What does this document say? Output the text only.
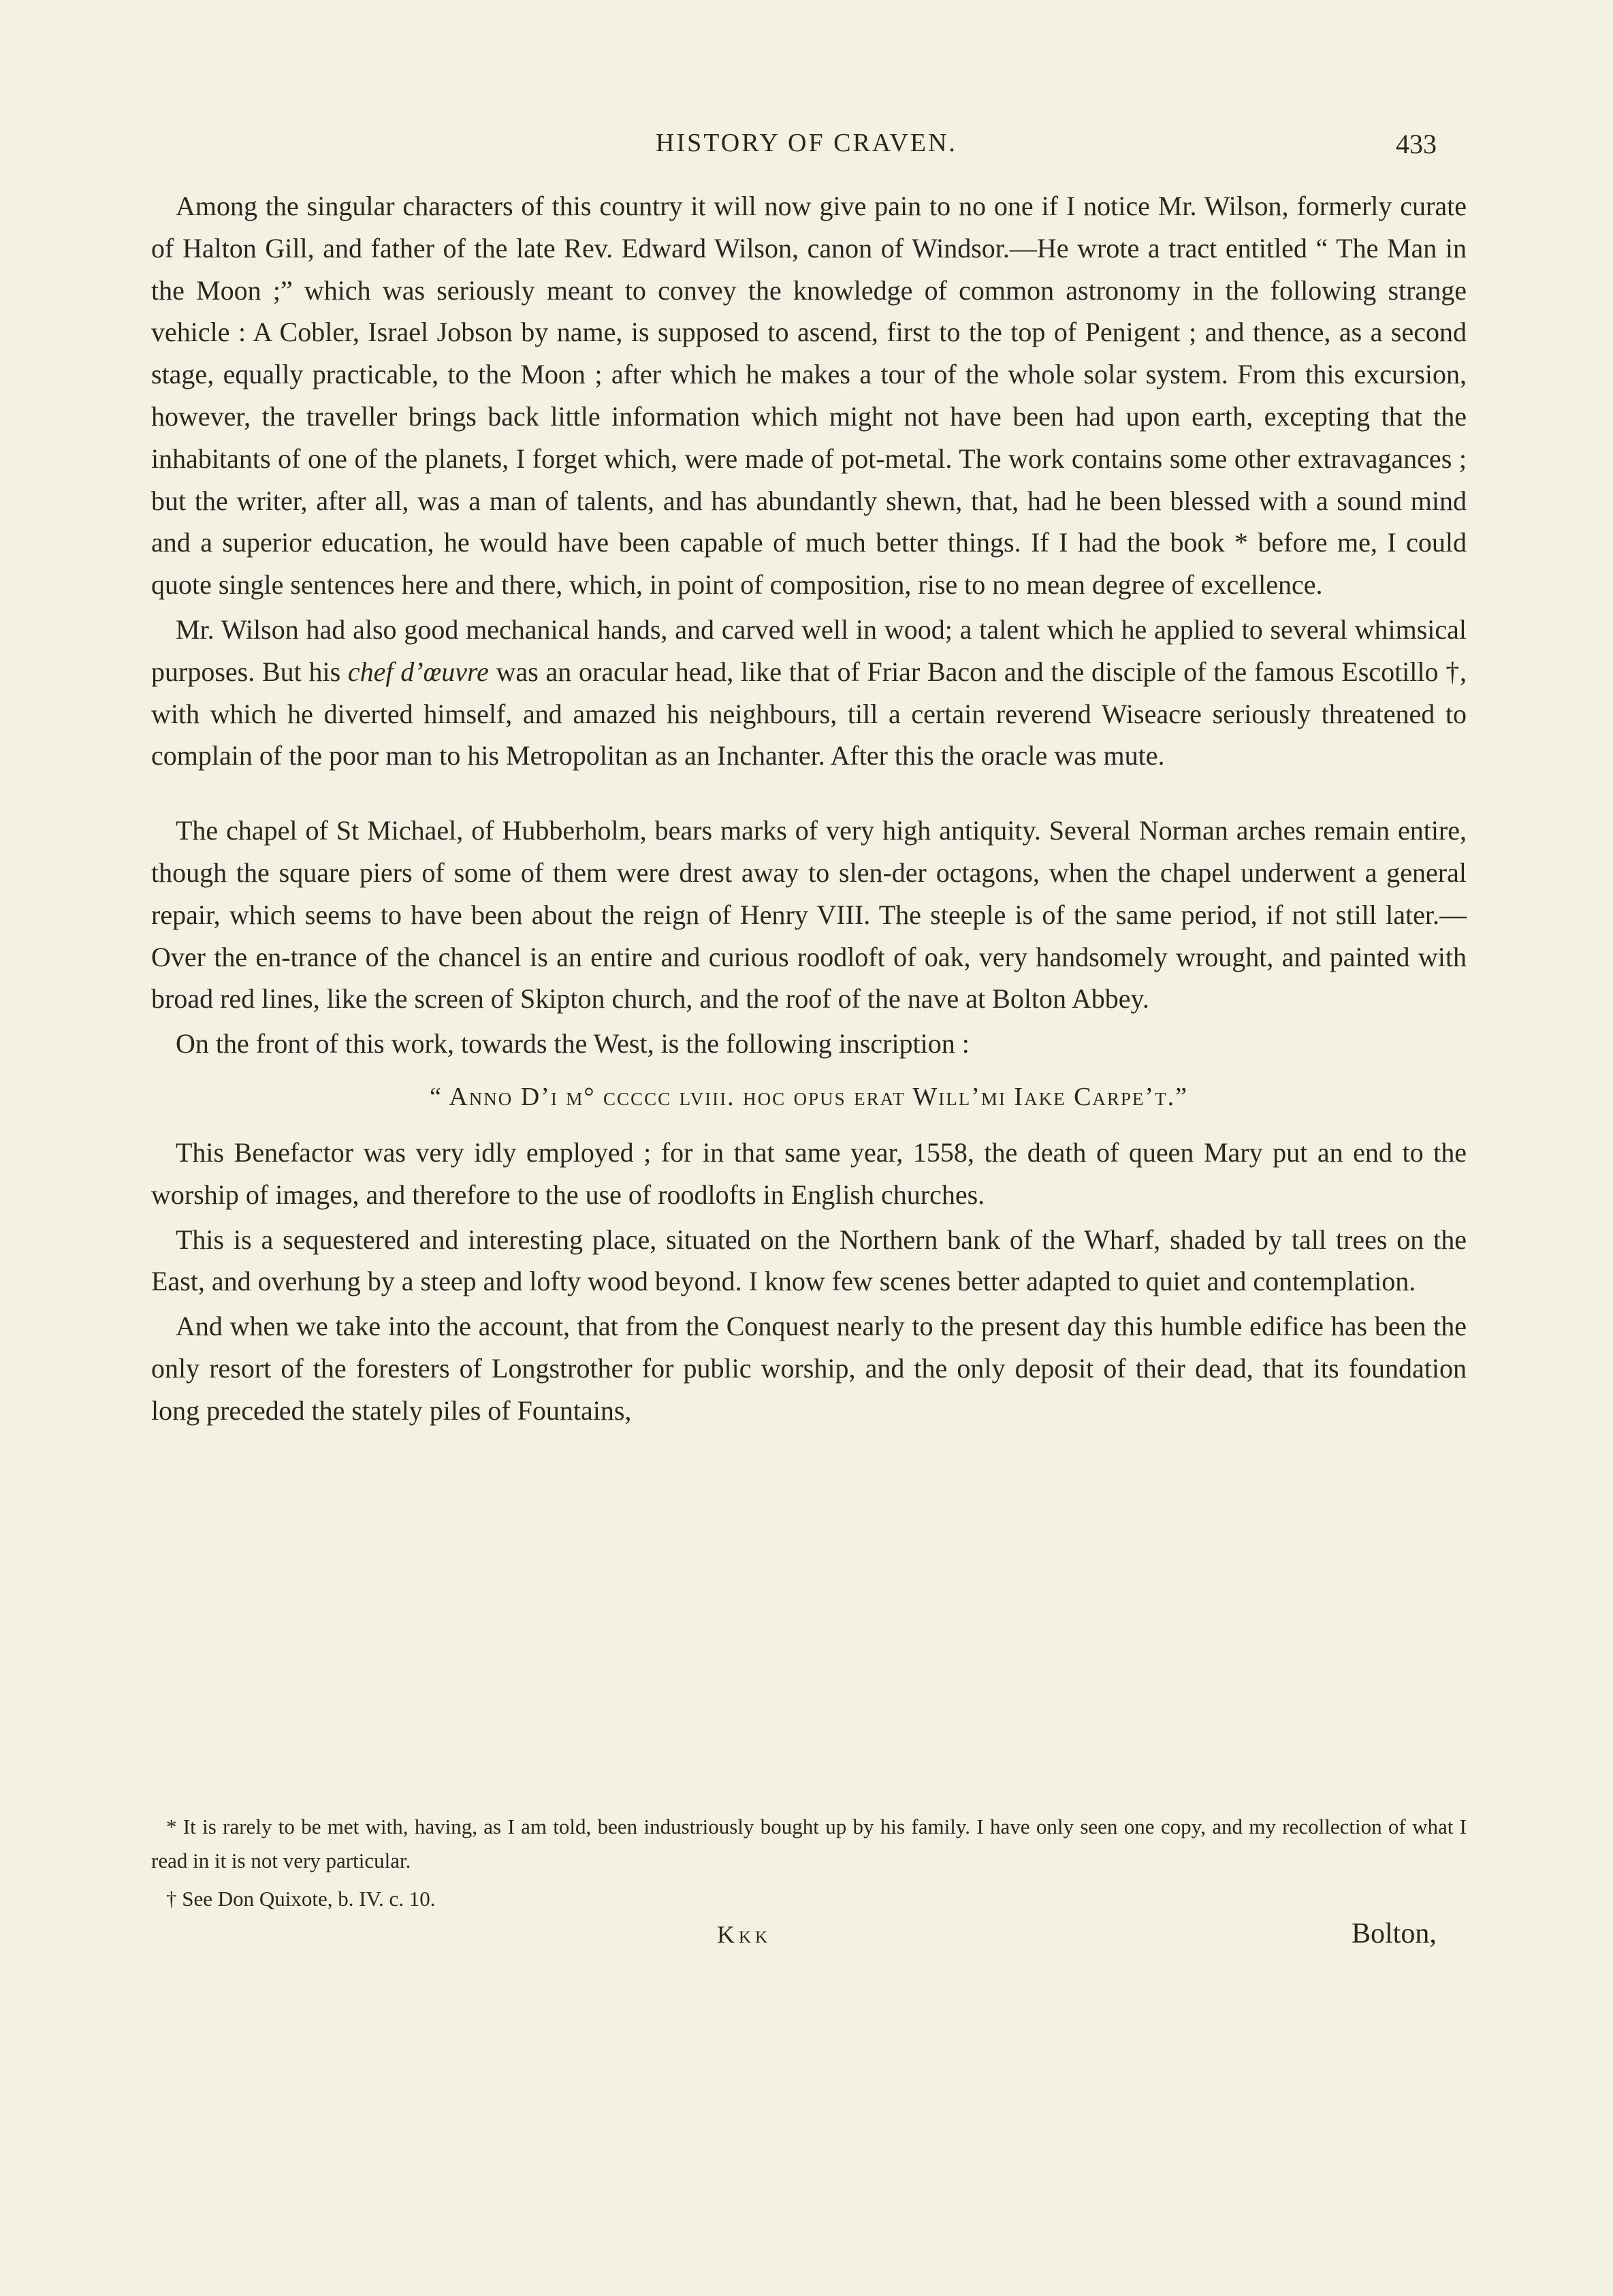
HISTORY OF CRAVEN.	433

Among the singular characters of this country it will now give pain to no one if I notice Mr. Wilson, formerly curate of Halton Gill, and father of the late Rev. Edward Wilson, canon of Windsor.—He wrote a tract entitled “ The Man in the Moon ;” which was seriously meant to convey the knowledge of common astronomy in the following strange vehicle : A Cobler, Israel Jobson by name, is supposed to ascend, first to the top of Penigent ; and thence, as a second stage, equally practicable, to the Moon ; after which he makes a tour of the whole solar system. From this excursion, however, the traveller brings back little information which might not have been had upon earth, excepting that the inhabitants of one of the planets, I forget which, were made of pot-metal. The work contains some other extravagances ; but the writer, after all, was a man of talents, and has abundantly shewn, that, had he been blessed with a sound mind and a superior education, he would have been capable of much better things. If I had the book * before me, I could quote single sentences here and there, which, in point of composition, rise to no mean degree of excellence.

Mr. Wilson had also good mechanical hands, and carved well in wood; a talent which he applied to several whimsical purposes. But his chef d’œuvre was an oracular head, like that of Friar Bacon and the disciple of the famous Escotillo †, with which he diverted himself, and amazed his neighbours, till a certain reverend Wiseacre seriously threatened to complain of the poor man to his Metropolitan as an Inchanter. After this the oracle was mute.

The chapel of St Michael, of Hubberholm, bears marks of very high antiquity. Several Norman arches remain entire, though the square piers of some of them were drest away to slen-der octagons, when the chapel underwent a general repair, which seems to have been about the reign of Henry VIII. The steeple is of the same period, if not still later.—Over the en-trance of the chancel is an entire and curious roodloft of oak, very handsomely wrought, and painted with broad red lines, like the screen of Skipton church, and the roof of the nave at Bolton Abbey.

On the front of this work, towards the West, is the following inscription :

“ Anno D’i m° ccccc lviii. hoc opus erat Will’mi Iake Carpe’t.”

This Benefactor was very idly employed ; for in that same year, 1558, the death of queen Mary put an end to the worship of images, and therefore to the use of roodlofts in English churches.

This is a sequestered and interesting place, situated on the Northern bank of the Wharf, shaded by tall trees on the East, and overhung by a steep and lofty wood beyond. I know few scenes better adapted to quiet and contemplation.

And when we take into the account, that from the Conquest nearly to the present day this humble edifice has been the only resort of the foresters of Longstrother for public worship, and the only deposit of their dead, that its foundation long preceded the stately piles of Fountains,

* It is rarely to be met with, having, as I am told, been industriously bought up by his family. I have only seen one copy, and my recollection of what I read in it is not very particular.

† See Don Quixote, b. IV. c. 10.

Kkk	Bolton,
